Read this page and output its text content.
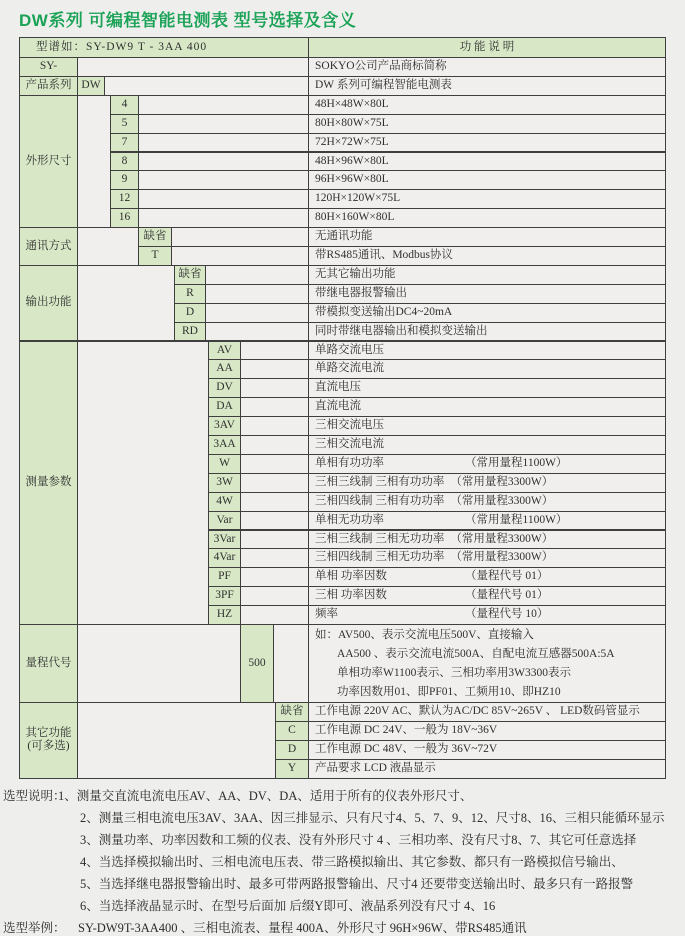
DW系列 可编程智能电测表 型号选择及含义
型谱如：SY-DW9 T - 3AA 400	功 能 说 明
SY-	SOKYO公司产品商标简称
产品系列 DW	DW 系列可编程智能电测表
外形尺寸
4	48H×48W×80L
5	80H×80W×75L
7	72H×72W×75L
8	48H×96W×80L
9	96H×96W×80L
12	120H×120W×75L
16	80H×160W×80L
通讯方式
缺省	无通讯功能
T	带RS485通讯、Modbus协议
输出功能
缺省	无其它输出功能
R	带继电器报警输出
D	带模拟变送输出DC4~20mA
RD	同时带继电器输出和模拟变送输出
测量参数
AV	单路交流电压
AA	单路交流电流
DV	直流电压
DA	直流电流
3AV	三相交流电压
3AA	三相交流电流
W	单相有功功率	（常用量程1100W）
3W	三相三线制 三相有功功率 （常用量程3300W）
4W	三相四线制 三相有功功率 （常用量程3300W）
Var	单相无功功率	（常用量程1100W）
3Var	三相三线制 三相无功功率 （常用量程3300W）
4Var	三相四线制 三相无功功率 （常用量程3300W）
PF	单相 功率因数	（量程代号 01）
3PF	三相 功率因数	（量程代号 01）
HZ	频率	（量程代号 10）
量程代号	500
如：AV500、表示交流电压500V、直接输入
AA500 、表示交流电流500A、自配电流互感器500A:5A
单相功率W1100表示、三相功率用3W3300表示
功率因数用01、即PF01、工频用10、即HZ10
其它功能
(可多选)
缺省	工作电源 220V AC、默认为AC/DC 85V~265V 、 LED数码管显示
C	工作电源 DC 24V、一般为 18V~36V
D	工作电源 DC 48V、一般为 36V~72V
Y	产品要求 LCD 液晶显示
选型说明：
1、测量交直流电流电压AV、AA、DV、DA、适用于所有的仪表外形尺寸、
2、测量三相电流电压3AV、3AA、因三排显示、只有尺寸4、5、7、9、12、尺寸8、16、三相只能循环显示
3、测量功率、功率因数和工频的仪表、没有外形尺寸 4 、三相功率、没有尺寸8、7、其它可任意选择
4、当选择模拟输出时、三相电流电压表、带三路模拟输出、其它参数、都只有一路模拟信号输出、
5、当选择继电器报警输出时、最多可带两路报警输出、尺寸4 还要带变送输出时、最多只有一路报警
6、当选择液晶显示时、在型号后面加 后缀Y即可、液晶系列没有尺寸 4、16
选型举例： SY-DW9T-3AA400 、三相电流表、量程 400A、外形尺寸 96H×96W、带RS485通讯
